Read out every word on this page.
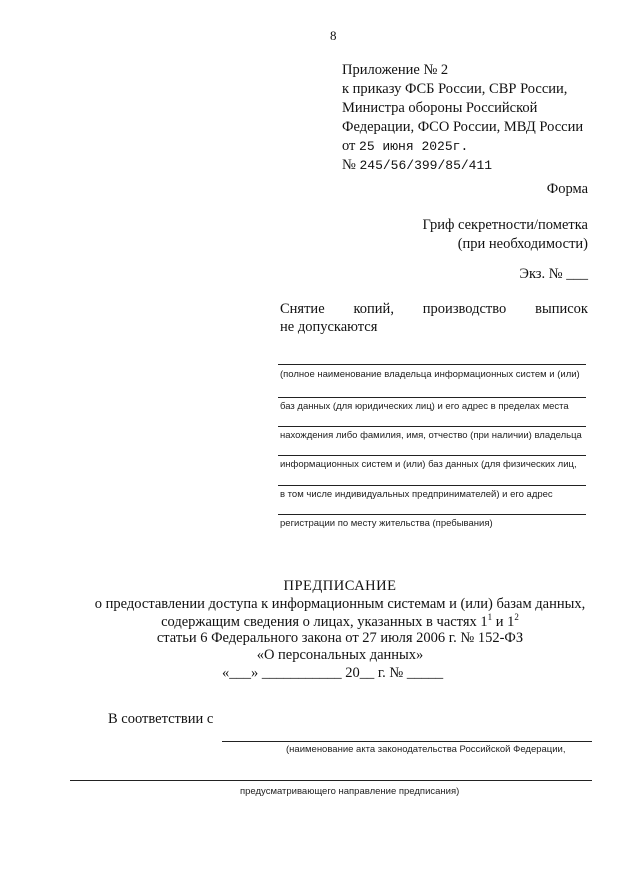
8
Приложение № 2
к приказу ФСБ России, СВР России,
Министра обороны Российской
Федерации, ФСО России, МВД России
от 25 июня 2025г.
№ 245/56/399/85/411
Форма
Гриф секретности/пометка
(при необходимости)
Экз. № ___
Снятие копий, производство выписок
не допускаются
(полное наименование владельца информационных систем и (или)
баз данных (для юридических лиц) и его адрес в пределах места
нахождения либо фамилия, имя, отчество (при наличии) владельца
информационных систем и (или) баз данных (для физических лиц,
в том числе индивидуальных предпринимателей) и его адрес
регистрации по месту жительства (пребывания)
ПРЕДПИСАНИЕ
о предоставлении доступа к информационным системам и (или) базам данных,
содержащим сведения о лицах, указанных в частях $1^1$ и $1^2$
статьи 6 Федерального закона от 27 июля 2006 г. № 152-ФЗ
«О персональных данных»
«___» ___________ 20__ г. № _____
В соответствии с
(наименование акта законодательства Российской Федерации,
предусматривающего направление предписания)
